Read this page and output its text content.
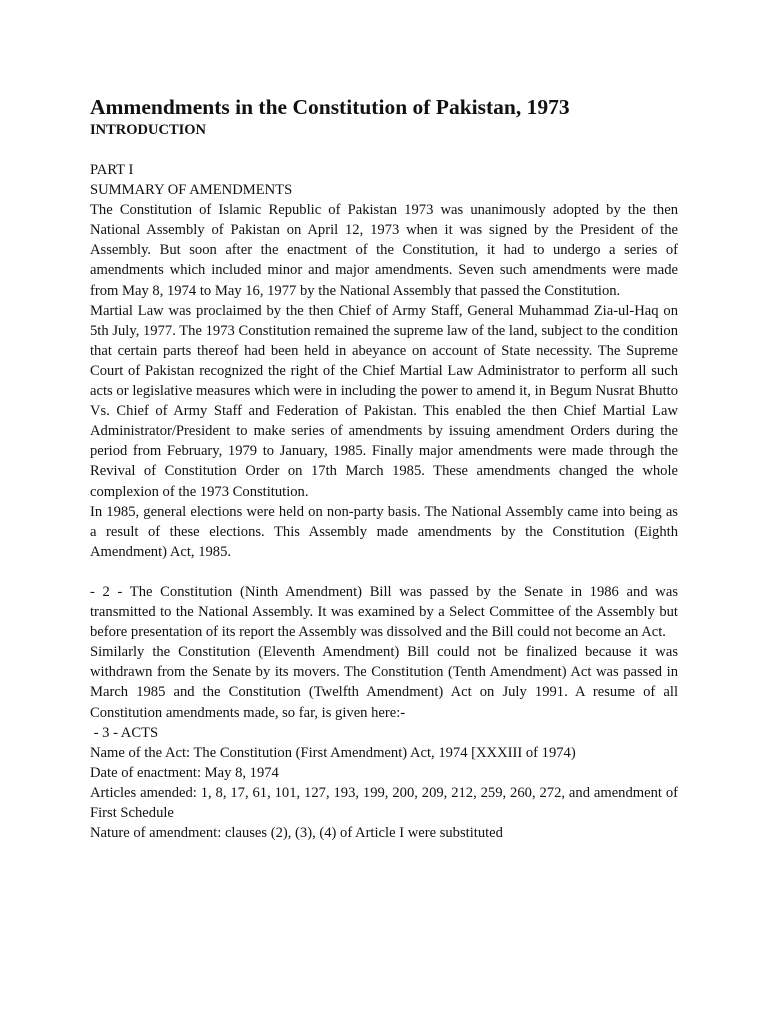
Ammendments in the Constitution of Pakistan, 1973
INTRODUCTION
PART I
SUMMARY OF AMENDMENTS

The Constitution of Islamic Republic of Pakistan 1973 was unanimously adopted by the then National Assembly of Pakistan on April 12, 1973 when it was signed by the President of the Assembly. But soon after the enactment of the Constitution, it had to undergo a series of amendments which included minor and major amendments. Seven such amendments were made from May 8, 1974 to May 16, 1977 by the National Assembly that passed the Constitution.

Martial Law was proclaimed by the then Chief of Army Staff, General Muhammad Zia-ul-Haq on 5th July, 1977. The 1973 Constitution remained the supreme law of the land, subject to the condition that certain parts thereof had been held in abeyance on account of State necessity. The Supreme Court of Pakistan recognized the right of the Chief Martial Law Administrator to perform all such acts or legislative measures which were in including the power to amend it, in Begum Nusrat Bhutto Vs. Chief of Army Staff and Federation of Pakistan. This enabled the then Chief Martial Law Administrator/President to make series of amendments by issuing amendment Orders during the period from February, 1979 to January, 1985. Finally major amendments were made through the Revival of Constitution Order on 17th March 1985. These amendments changed the whole complexion of the 1973 Constitution.

In 1985, general elections were held on non-party basis. The National Assembly came into being as a result of these elections. This Assembly made amendments by the Constitution (Eighth Amendment) Act, 1985.

- 2 - The Constitution (Ninth Amendment) Bill was passed by the Senate in 1986 and was transmitted to the National Assembly. It was examined by a Select Committee of the Assembly but before presentation of its report the Assembly was dissolved and the Bill could not become an Act.

Similarly the Constitution (Eleventh Amendment) Bill could not be finalized because it was withdrawn from the Senate by its movers. The Constitution (Tenth Amendment) Act was passed in March 1985 and the Constitution (Twelfth Amendment) Act on July 1991. A resume of all Constitution amendments made, so far, is given here:-

- 3 - ACTS
Name of the Act: The Constitution (First Amendment) Act, 1974 [XXXIII of 1974)
Date of enactment: May 8, 1974

Articles amended: 1, 8, 17, 61, 101, 127, 193, 199, 200, 209, 212, 259, 260, 272, and amendment of First Schedule

Nature of amendment: clauses (2), (3), (4) of Article I were substituted
